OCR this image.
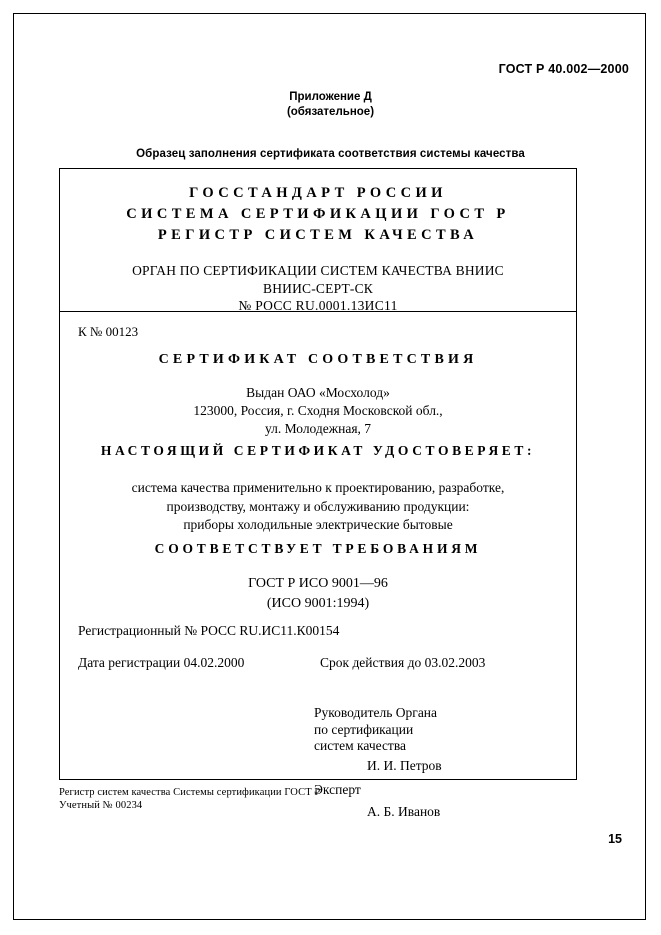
ГОСТ Р 40.002—2000
Приложение Д
(обязательное)
Образец заполнения сертификата соответствия системы качества
ГОССТАНДАРТ РОССИИ
СИСТЕМА СЕРТИФИКАЦИИ ГОСТ Р
РЕГИСТР СИСТЕМ КАЧЕСТВА
ОРГАН ПО СЕРТИФИКАЦИИ СИСТЕМ КАЧЕСТВА ВНИИС
ВНИИС-СЕРТ-СК
№ РОСС RU.0001.13ИС11
К № 00123
СЕРТИФИКАТ СООТВЕТСТВИЯ
Выдан ОАО «Мосхолод»
123000, Россия, г. Сходня Московской обл.,
ул. Молодежная, 7
НАСТОЯЩИЙ СЕРТИФИКАТ УДОСТОВЕРЯЕТ:
система качества применительно к проектированию, разработке,
производству, монтажу и обслуживанию продукции:
приборы холодильные электрические бытовые
СООТВЕТСТВУЕТ ТРЕБОВАНИЯМ
ГОСТ Р ИСО 9001—96
(ИСО 9001:1994)
Регистрационный № РОСС RU.ИС11.К00154
Дата регистрации 04.02.2000	Срок действия до 03.02.2003
Руководитель Органа
по сертификации
систем качества
И. И. Петров
Эксперт
А. Б. Иванов
Регистр систем качества Системы сертификации ГОСТ Р
Учетный № 00234
15
